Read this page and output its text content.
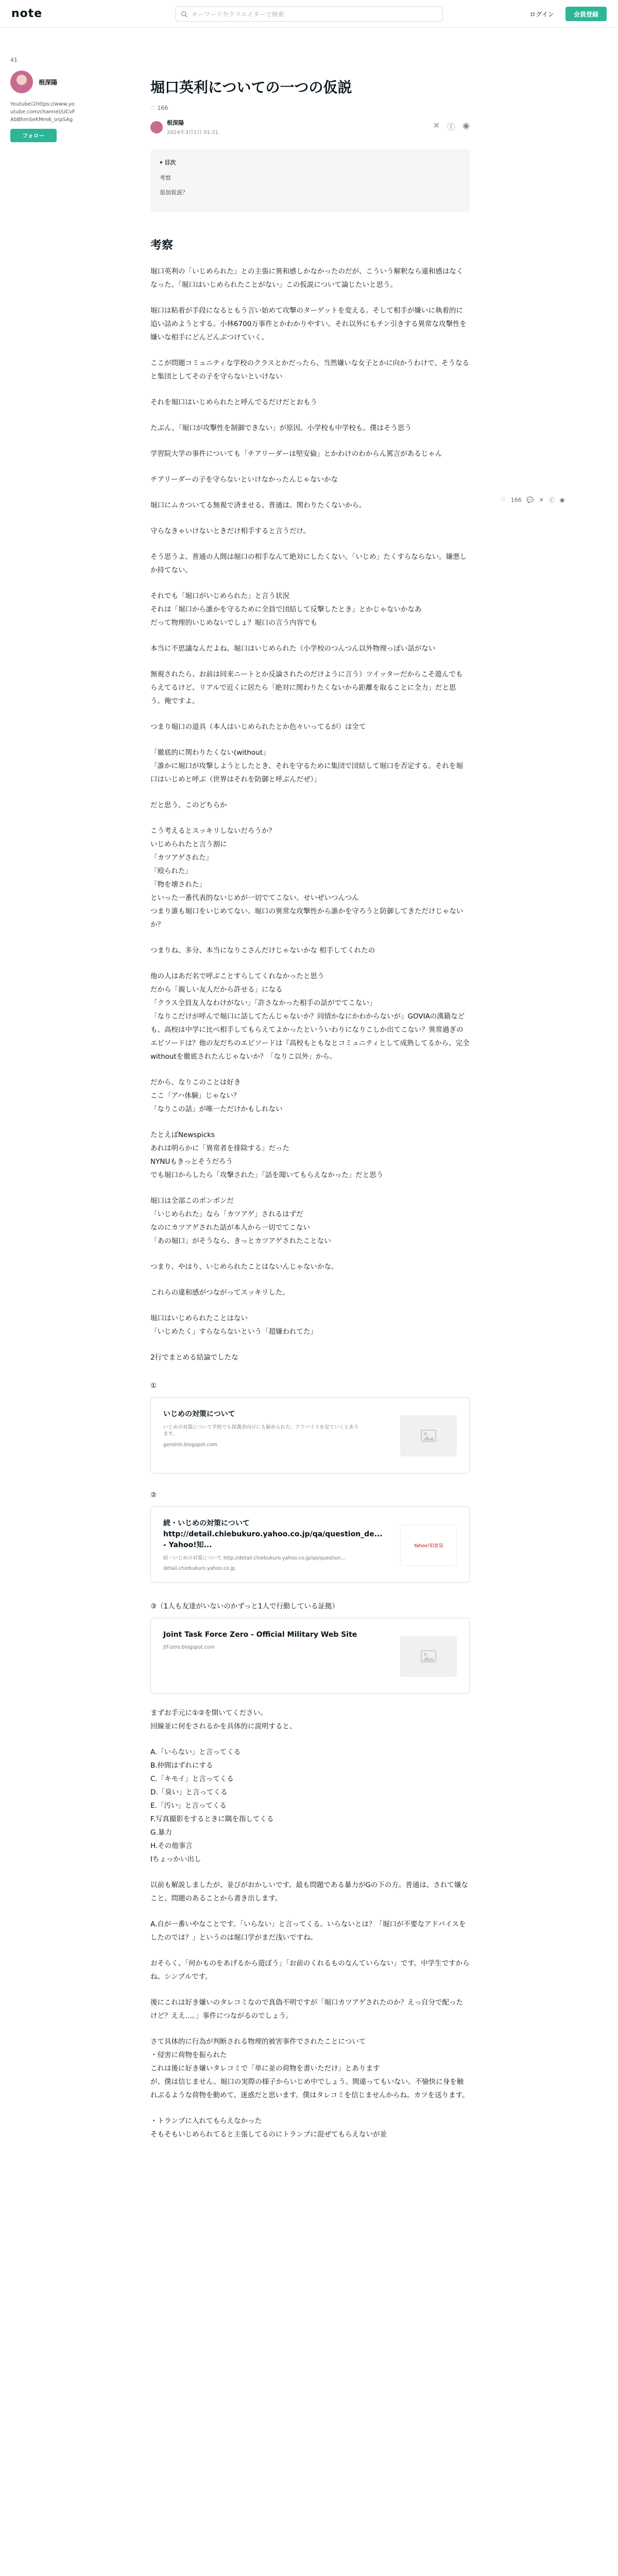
note	キーワードやクリエイターで検索	ログイン	会員登録
41
根深陽
Youtubeはhttps://www.youtube.com/channel/UCvFAbBhmSeKMm6_orpSAg
フォロー
堀口英利についての一つの仮説
♡
166
根深陽
2024年3月1日 01:21
✕ ⓕ ◉
▾ 目次
考察
追加仮説？
考察

堀口英利の「いじめられた」との主張に異和感しかなかったのだが、こういう解釈なら違和感はなくなった。「堀口はいじめられたことがない」この仮説について論じたいと思う。

堀口は粘着が手段になるともう言い始めて攻撃のターゲットを変える。そして相手が嫌いに執着的に追い詰めようとする。小林6700万事件とかわかりやすい。それ以外にもチン引きする異常な攻撃性を嫌いな相手にどんどんぶつけていく。

ここが問題コミュニティな学校のクラスとかだったら、当然嫌いな女子とかに向かうわけで、そうなると集団としてその子を守らないといけない

それを堀口はいじめられたと呼んでるだけだとおもう

たぶん、「堀口が攻撃性を制御できない」が原因。小学校も中学校も。僕はそう思う

学習院大学の事件についても「チアリーダーは堅安倫」とかわけのわからん罵言があるじゃん

チアリーダーの子を守らないといけなかったんじゃないかな

堀口にムカついてる無視で済ませる、普通は。関わりたくないから。

守らなきゃいけないときだけ相手すると言うだけ。

そう思うよ、普通の人間は堀口の相手なんて絶対にしたくない。「いじめ」たくすらならない。嫌悪しか持てない。

それでも「堀口がいじめられた」と言う状況
それは「堀口から誰かを守るために全員で団結して反撃したとき」とかじゃないかなあ
だって物理的いじめないでしょ？堀口の言う内容でも

本当に不思議なんだよね。堀口はいじめられた（小学校のつんつん以外物理っぽい話がない

無視されたら、お前は同来ニートとか反論されたのだけように言う）ツイッターだからこそ遊んでもらえてるけど、リアルで近くに居たら「絶対に関わりたくないから距離を取ることに全力」だと思う。俺ですよ。

つまり堀口の道具（本人はいじめられたとか色々いってるが）は全て

「徹底的に関わりたくない(without」
「誰かに堀口が攻撃しようとしたとき、それを守るために集団で団結して堀口を否定する。それを堀口はいじめと呼ぶ（世界はそれを防御と呼ぶんだぜ）」

だと思う。このどちらか

こう考えるとスッキリしないだろうか？
いじめられたと言う割に
「カツアゲされた」
「殴られた」
「物を壊された」
といった一番代表的ないじめが一切でてこない。せいぜいつんつん
つまり誰も堀口をいじめてない。堀口の異常な攻撃性から誰かを守ろうと防御してきただけじゃないか？

つまりね、多分、本当になりこさんだけじゃないかな 相手してくれたの

他の人はあだ名で呼ぶことすらしてくれなかったと思う
だから「親しい友人だから許せる」になる
「クラス全員友人なわけがない」「許さなかった相手の話がでてこない」
「なりこだけが呼んで堀口に話してたんじゃないか？同情かなにかわからないが」GOVIAの漢籍なども、高校は中学に比べ相手してもらえてよかったといういわりになりこしか出てこない？異常過ぎのエピソードは？他の友だちのエピソードは『高校もともなとコミュニティとして成熟してるから、完全withoutを徹底されたんじゃないか？「なりこ以外」から。

だから、なりこのことは好き
ここ「アハ体験」じゃない？
「なりこの話」が唯一ただけかもしれない

たとえばNewspicks
あれは明らかに「異常者を排除する」だった
NYNUもきっとそうだろう
でも堀口からしたら「攻撃された」「話を聞いてもらえなかった」だと思う

堀口は全部このポンポンだ
「いじめられた」なら「カツアゲ」されるはずだ
なのにカツアゲされた話が本人から一切でてこない
「あの堀口」がそうなら、きっとカツアゲされたことない

つまり、やはり、いじめられたことはないんじゃないかな。

これらの違和感がつながってスッキリした。

堀口はいじめられたことはない
「いじめたく」すらならないという「超嫌われてた」

2行でまとめる結論でしたな

①
いじめの対策について
いじめの対策について学校でも保護者向けにも勧められた。アドバイスを見ていくとあります。
genshin.blogspot.com
②
続・いじめの対策についてhttp://detail.chiebukuro.yahoo.co.jp/qa/question_de... - Yahoo!知...
続・いじめの対策について http://detail.chiebukuro.yahoo.co.jp/qa/question...
detail.chiebukuro.yahoo.co.jp
Yahoo!知恵袋
③（1人も友達がいないのかずっと1人で行動している証拠）
Joint Task Force Zero - Official Military Web Site
jtf-zero.blogspot.com

まずお手元に①②を開いてください。
回線並に何をされるかを具体的に説明すると、

A.「いらない」と言ってくる
B.仲間はずれにする
C.「キモイ」と言ってくる
D.「臭い」と言ってくる
E.「汚い」と言ってくる
F.写真撮影をするときに隅を指してくる
G.暴力
H.その他事言
Iちょっかい出し

以前も解説しましたが、並びがおかしいです。最も問題である暴力がGの下の方。普通は、されて嫌なこと、問題のあることから書き出します。

A.自が一番いやなことです。「いらない」と言ってくる。いらないとは？「堀口が不要なアドバイスをしたのでは？」というのは堀口学がまだ浅いですね。

おそらく、「何かものをあげるから遊ぼう」「お前のくれるものなんていらない」です。中学生ですからね。シンプルです。

後にこれは好き嫌いのタレコミなので真偽不明ですが「堀口カツアゲされたのか？えっ自分で配ったけど？ええ…。」事件につながるのでしょう。

さて具体的に行為が判断される物理的被害事件でされたことについて
・侵害に荷物を振られた
これは後に好き嫌いタレコミで「単に並の荷物を書いただけ」とあります
が、僕は信じません。堀口の実際の様子からいじめ中でしょう。間違ってもいない。不愉快に身を触れぶるような荷物を動めて、迷惑だと思います。僕はタレコミを信じませんからね。カツを送ります。

・トランプに入れてもらえなかった
そもそもいじめられてると主張してるのにトランプに混ぜてもらえないが並

♡ 166 💬 ✕ ⓕ ◉
